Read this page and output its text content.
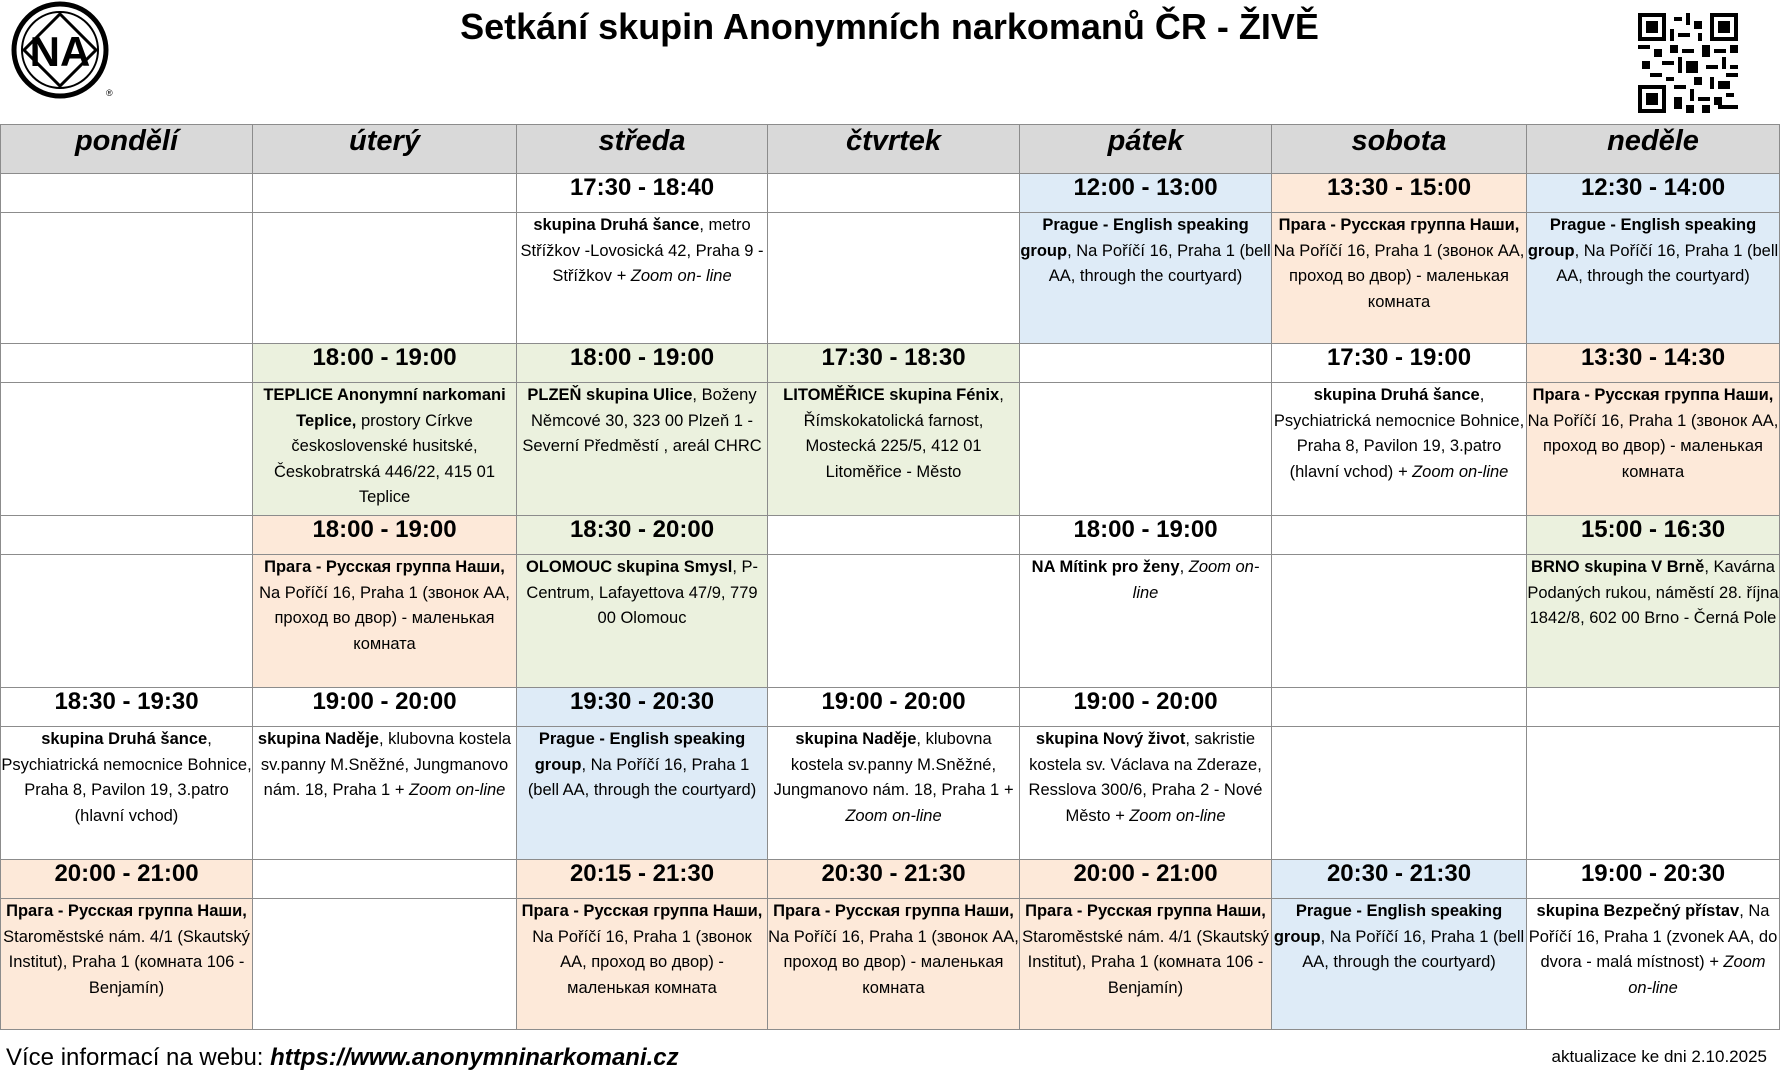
NA
®
Setkání skupin Anonymních narkomanů ČR - ŽIVĚ
pondělí	úterý	středa	čtvrtek	pátek	sobota	neděle
		17:30 - 18:40		12:00 - 13:00	13:30 - 15:00	12:30 - 14:00
		skupina Druhá šance, metro Střížkov -Lovosická 42, Praha 9 - Střížkov + Zoom on- line		Prague - English speaking group, Na Poříčí 16, Praha 1 (bell AA, through the courtyard)	Прага - Русская группа Наши, Na Poříčí 16, Praha 1 (звонок АА, проход во двор) - маленькая комната	Prague - English speaking group, Na Poříčí 16, Praha 1 (bell AA, through the courtyard)
	18:00 - 19:00	18:00 - 19:00	17:30 - 18:30		17:30 - 19:00	13:30 - 14:30
	TEPLICE Anonymní narkomani Teplice, prostory Církve československé husitské, Českobratrská 446/22, 415 01 Teplice	PLZEŇ skupina Ulice, Boženy Němcové 30, 323 00 Plzeň 1 - Severní Předměstí , areál CHRC	LITOMĚŘICE skupina Fénix, Římskokatolická farnost, Mostecká 225/5, 412 01 Litoměřice - Město		skupina Druhá šance, Psychiatrická nemocnice Bohnice, Praha 8, Pavilon 19, 3.patro (hlavní vchod) + Zoom on-line	Прага - Русская группа Наши, Na Poříčí 16, Praha 1 (звонок АА, проход во двор) - маленькая комната
	18:00 - 19:00	18:30 - 20:00		18:00 - 19:00		15:00 - 16:30
	Прага - Русская группа Наши, Na Poříčí 16, Praha 1 (звонок АА, проход во двор) - маленькая комната	OLOMOUC skupina Smysl, P-Centrum, Lafayettova 47/9, 779 00 Olomouc		NA Mítink pro ženy, Zoom on-line		BRNO skupina V Brně, Kavárna Podaných rukou, náměstí 28. října 1842/8, 602 00 Brno - Černá Pole
18:30 - 19:30	19:00 - 20:00	19:30 - 20:30	19:00 - 20:00	19:00 - 20:00		
skupina Druhá šance, Psychiatrická nemocnice Bohnice, Praha 8, Pavilon 19, 3.patro (hlavní vchod)	skupina Naděje, klubovna kostela sv.panny M.Sněžné, Jungmanovo nám. 18, Praha 1 + Zoom on-line	Prague - English speaking group, Na Poříčí 16, Praha 1 (bell AA, through the courtyard)	skupina Naděje, klubovna kostela sv.panny M.Sněžné, Jungmanovo nám. 18, Praha 1 + Zoom on-line	skupina Nový život, sakristie kostela sv. Václava na Zderaze, Resslova 300/6, Praha 2 - Nové Město + Zoom on-line		
20:00 - 21:00		20:15 - 21:30	20:30 - 21:30	20:00 - 21:00	20:30 - 21:30	19:00 - 20:30
Прага - Русская группа Наши, Staroměstské nám. 4/1 (Skautský Institut), Praha 1 (комната 106 - Benjamín)		Прага - Русская группа Наши, Na Poříčí 16, Praha 1 (звонок АА, проход во двор) - маленькая комната	Прага - Русская группа Наши, Na Poříčí 16, Praha 1 (звонок АА, проход во двор) - маленькая комната	Прага - Русская группа Наши, Staroměstské nám. 4/1 (Skautský Institut), Praha 1 (комната 106 - Benjamín)	Prague - English speaking group, Na Poříčí 16, Praha 1 (bell AA, through the courtyard)	skupina Bezpečný přístav, Na Poříčí 16, Praha 1 (zvonek AA, do dvora - malá místnost) + Zoom on-line
Více informací na webu: https://www.anonymninarkomani.cz	aktualizace ke dni 2.10.2025
